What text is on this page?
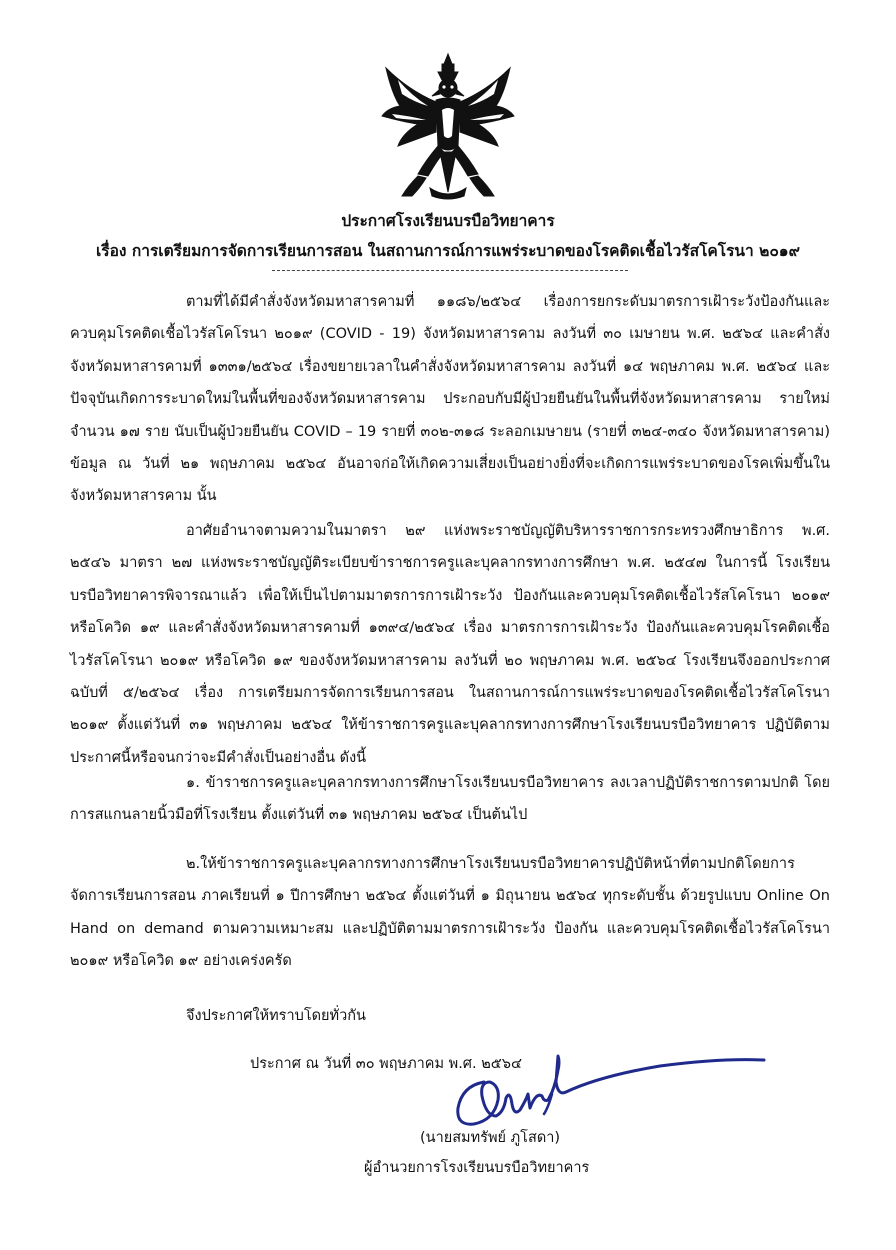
ประกาศโรงเรียนบรบือวิทยาคาร
เรื่อง การเตรียมการจัดการเรียนการสอน ในสถานการณ์การแพร่ระบาดของโรคติดเชื้อไวรัสโคโรนา ๒๐๑๙
ตามที่ได้มีคำสั่งจังหวัดมหาสารคามที่ ๑๑๘๖/๒๕๖๔ เรื่องการยกระดับมาตรการเฝ้าระวังป้องกันและควบคุมโรคติดเชื้อไวรัสโคโรนา ๒๐๑๙ (COVID - 19) จังหวัดมหาสารคาม ลงวันที่ ๓๐ เมษายน พ.ศ. ๒๕๖๔ และคำสั่งจังหวัดมหาสารคามที่ ๑๓๓๑/๒๕๖๔ เรื่องขยายเวลาในคำสั่งจังหวัดมหาสารคาม ลงวันที่ ๑๔ พฤษภาคม พ.ศ. ๒๕๖๔ และปัจจุบันเกิดการระบาดใหม่ในพื้นที่ของจังหวัดมหาสารคาม ประกอบกับมีผู้ป่วยยืนยันในพื้นที่จังหวัดมหาสารคาม รายใหม่ จำนวน ๑๗ ราย นับเป็นผู้ป่วยยืนยัน COVID – 19 รายที่ ๓๐๒-๓๑๘ ระลอกเมษายน (รายที่ ๓๒๔-๓๔๐ จังหวัดมหาสารคาม) ข้อมูล ณ วันที่ ๒๑ พฤษภาคม ๒๕๖๔ อันอาจก่อให้เกิดความเสี่ยงเป็นอย่างยิ่งที่จะเกิดการแพร่ระบาดของโรคเพิ่มขึ้นในจังหวัดมหาสารคาม นั้น
อาศัยอำนาจตามความในมาตรา ๒๙ แห่งพระราชบัญญัติบริหารราชการกระทรวงศึกษาธิการ พ.ศ. ๒๕๔๖ มาตรา ๒๗ แห่งพระราชบัญญัติระเบียบข้าราชการครูและบุคลากรทางการศึกษา พ.ศ. ๒๕๔๗ ในการนี้ โรงเรียนบรบือวิทยาคารพิจารณาแล้ว เพื่อให้เป็นไปตามมาตรการการเฝ้าระวัง ป้องกันและควบคุมโรคติดเชื้อไวรัสโคโรนา ๒๐๑๙ หรือโควิด ๑๙ และคำสั่งจังหวัดมหาสารคามที่ ๑๓๙๔/๒๕๖๔ เรื่อง มาตรการการเฝ้าระวัง ป้องกันและควบคุมโรคติดเชื้อไวรัสโคโรนา ๒๐๑๙ หรือโควิด ๑๙ ของจังหวัดมหาสารคาม ลงวันที่ ๒๐ พฤษภาคม พ.ศ. ๒๕๖๔ โรงเรียนจึงออกประกาศ ฉบับที่ ๕/๒๕๖๔ เรื่อง การเตรียมการจัดการเรียนการสอน ในสถานการณ์การแพร่ระบาดของโรคติดเชื้อไวรัสโคโรนา ๒๐๑๙ ตั้งแต่วันที่ ๓๑ พฤษภาคม ๒๕๖๔ ให้ข้าราชการครูและบุคลากรทางการศึกษาโรงเรียนบรบือวิทยาคาร ปฏิบัติตามประกาศนี้หรือจนกว่าจะมีคำสั่งเป็นอย่างอื่น ดังนี้
๑. ข้าราชการครูและบุคลากรทางการศึกษาโรงเรียนบรบือวิทยาคาร ลงเวลาปฏิบัติราชการตามปกติ โดยการสแกนลายนิ้วมือที่โรงเรียน ตั้งแต่วันที่ ๓๑ พฤษภาคม ๒๕๖๔ เป็นต้นไป
๒.ให้ข้าราชการครูและบุคลากรทางการศึกษาโรงเรียนบรบือวิทยาคารปฏิบัติหน้าที่ตามปกติโดยการจัดการเรียนการสอน ภาคเรียนที่ ๑ ปีการศึกษา ๒๕๖๔ ตั้งแต่วันที่ ๑ มิถุนายน ๒๕๖๔ ทุกระดับชั้น ด้วยรูปแบบ Online On Hand on demand ตามความเหมาะสม และปฏิบัติตามมาตรการเฝ้าระวัง ป้องกัน และควบคุมโรคติดเชื้อไวรัสโคโรนา ๒๐๑๙ หรือโควิด ๑๙ อย่างเคร่งครัด
จึงประกาศให้ทราบโดยทั่วกัน
ประกาศ ณ วันที่ ๓๐ พฤษภาคม พ.ศ. ๒๕๖๔
(นายสมทรัพย์ ภูโสดา)
ผู้อำนวยการโรงเรียนบรบือวิทยาคาร
